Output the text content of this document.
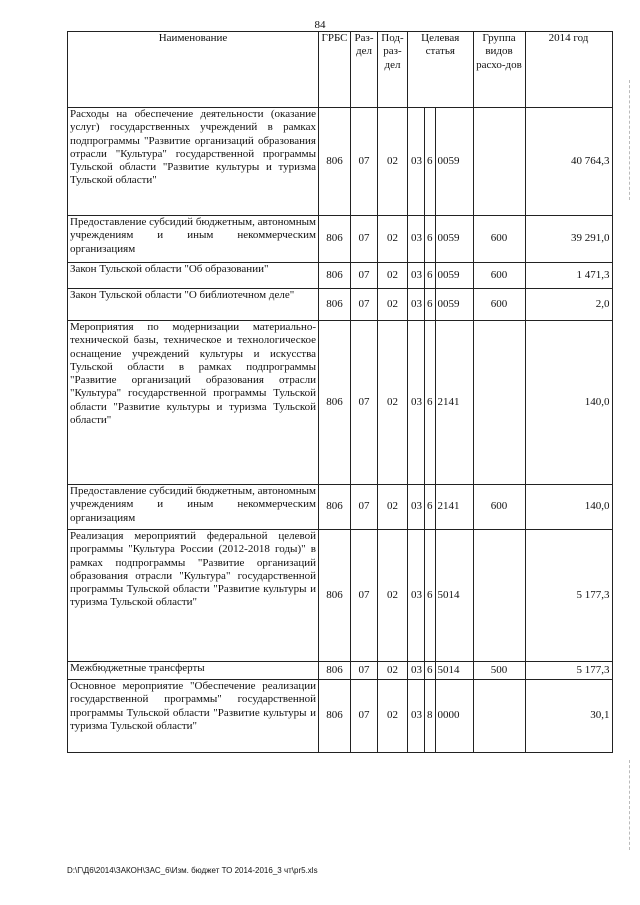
84
Наименование	ГРБС	Раз-дел	Под-раз-дел	Целевая статья			Группа видов расхо-дов	2014 год
Расходы на обеспечение деятельности (оказание услуг) государственных учреждений в рамках подпрограммы "Развитие организаций образования отрасли "Культура" государственной программы Тульской области "Развитие культуры и туризма Тульской области"	806	07	02	03	6	0059		40 764,3
Предоставление субсидий бюджетным, автономным учреждениям и иным некоммерческим организациям	806	07	02	03	6	0059	600	39 291,0
Закон Тульской области "Об образовании"	806	07	02	03	6	0059	600	1 471,3
Закон Тульской области "О библиотечном деле"	806	07	02	03	6	0059	600	2,0
Мероприятия по модернизации материально-технической базы, техническое и технологическое оснащение учреждений культуры и искусства Тульской области в рамках подпрограммы "Развитие организаций образования отрасли "Культура" государственной программы Тульской области "Развитие культуры и туризма Тульской области"	806	07	02	03	6	2141		140,0
Предоставление субсидий бюджетным, автономным учреждениям и иным некоммерческим организациям	806	07	02	03	6	2141	600	140,0
Реализация мероприятий федеральной целевой программы "Культура России (2012-2018 годы)" в рамках подпрограммы "Развитие организаций образования отрасли "Культура" государственной программы Тульской области "Развитие культуры и туризма Тульской области"	806	07	02	03	6	5014		5 177,3
Межбюджетные трансферты	806	07	02	03	6	5014	500	5 177,3
Основное мероприятие "Обеспечение реализации государственной программы" государственной программы Тульской области "Развитие культуры и туризма Тульской области"	806	07	02	03	8	0000		30,1
D:\Г\Д6\2014\ЗАКОН\ЗАС_6\Изм. бюджет ТО 2014-2016_3 чт\pr5.xls
